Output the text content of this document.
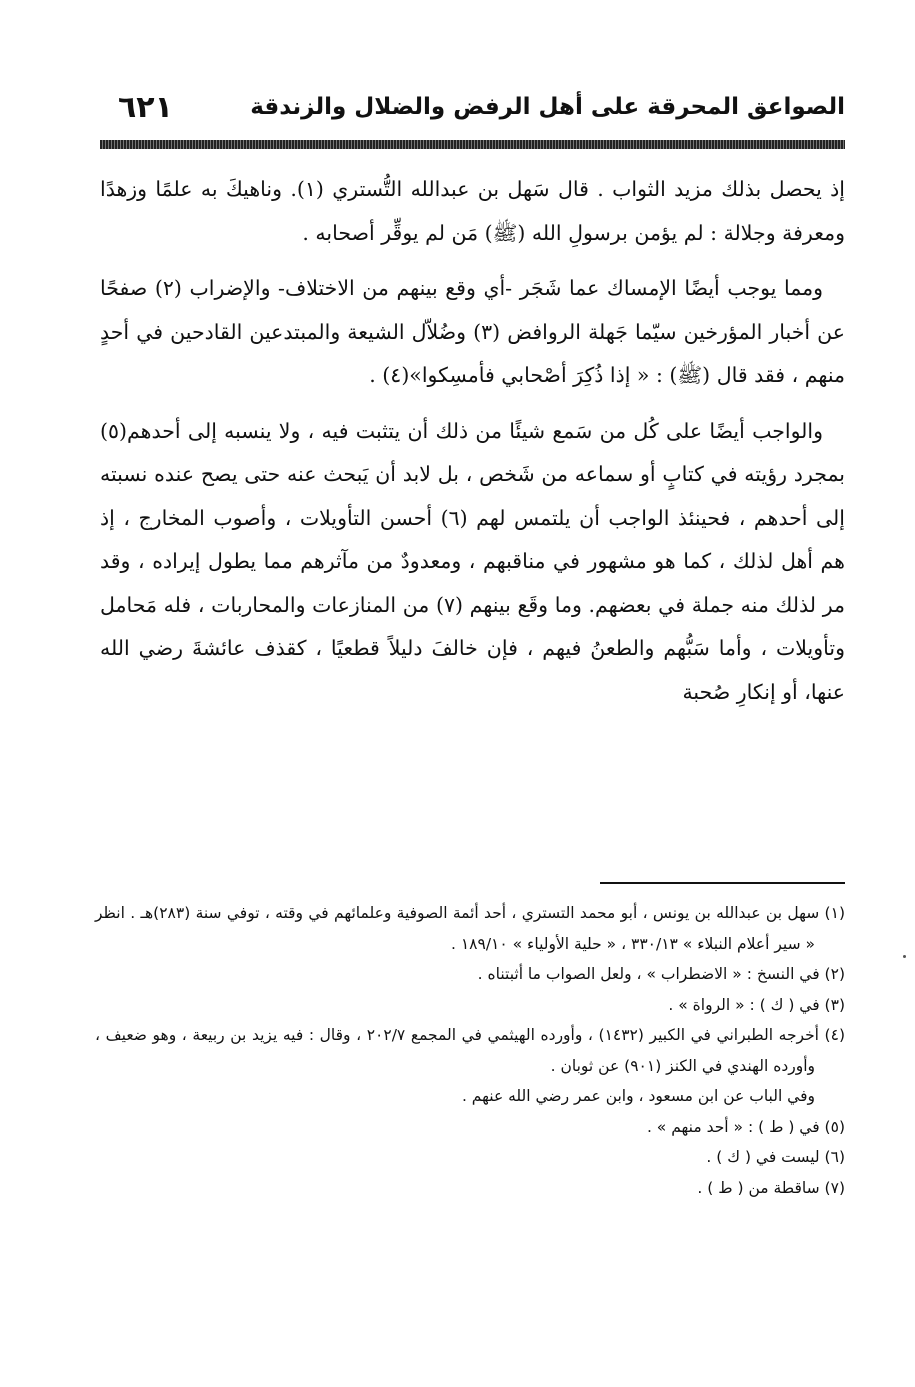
الصواعق المحرقة على أهل الرفض والضلال والزندقة
٦٢١

إذ يحصل بذلك مزيد الثواب . قال سَهل بن عبدالله التُّستري (١). وناهيكَ به علمًا وزهدًا ومعرفة وجلالة : لم يؤمن برسولِ الله (ﷺ) مَن لم يوقِّر أصحابه .

ومما يوجب أيضًا الإمساك عما شَجَر -أي وقع بينهم من الاختلاف- والإضراب (٢) صفحًا عن أخبار المؤرخين سيّما جَهلة الروافض (٣) وضُلاّل الشيعة والمبتدعين القادحين في أحدٍ منهم ، فقد قال (ﷺ) : « إذا ذُكِرَ أصْحابي فأمسِكوا»(٤) .

والواجب أيضًا على كُل من سَمع شيئًا من ذلك أن يتثبت فيه ، ولا ينسبه إلى أحدهم(٥) بمجرد رؤيته في كتابٍ أو سماعه من شَخص ، بل لابد أن يَبحث عنه حتى يصح عنده نسبته إلى أحدهم ، فحينئذ الواجب أن يلتمس لهم (٦) أحسن التأويلات ، وأصوب المخارج ، إذ هم أهل لذلك ، كما هو مشهور في مناقبهم ، ومعدودٌ من مآثرهم مما يطول إيراده ، وقد مر لذلك منه جملة في بعضهم. وما وقَع بينهم (٧) من المنازعات والمحاربات ، فله مَحامل وتأويلات ، وأما سَبُّهم والطعنُ فيهم ، فإن خالفَ دليلاً قطعيًا ، كقذف عائشةَ رضي الله عنها، أو إنكارِ صُحبة

(١) سهل بن عبدالله بن يونس ، أبو محمد التستري ، أحد أئمة الصوفية وعلمائهم في وقته ، توفي سنة (٢٨٣)هـ . انظر « سير أعلام النبلاء » ٣٣٠/١٣ ، « حلية الأولياء » ١٨٩/١٠ .

(٢) في النسخ : « الاضطراب » ، ولعل الصواب ما أثبتناه .

(٣) في ( ك ) : « الرواة » .

(٤) أخرجه الطبراني في الكبير (١٤٣٢) ، وأورده الهيثمي في المجمع ٢٠٢/٧ ، وقال : فيه يزيد بن ربيعة ، وهو ضعيف ، وأورده الهندي في الكنز (٩٠١) عن ثوبان .

وفي الباب عن ابن مسعود ، وابن عمر رضي الله عنهم .

(٥) في ( ط ) : « أحد منهم » .

(٦) ليست في ( ك ) .

(٧) ساقطة من ( ط ) .
